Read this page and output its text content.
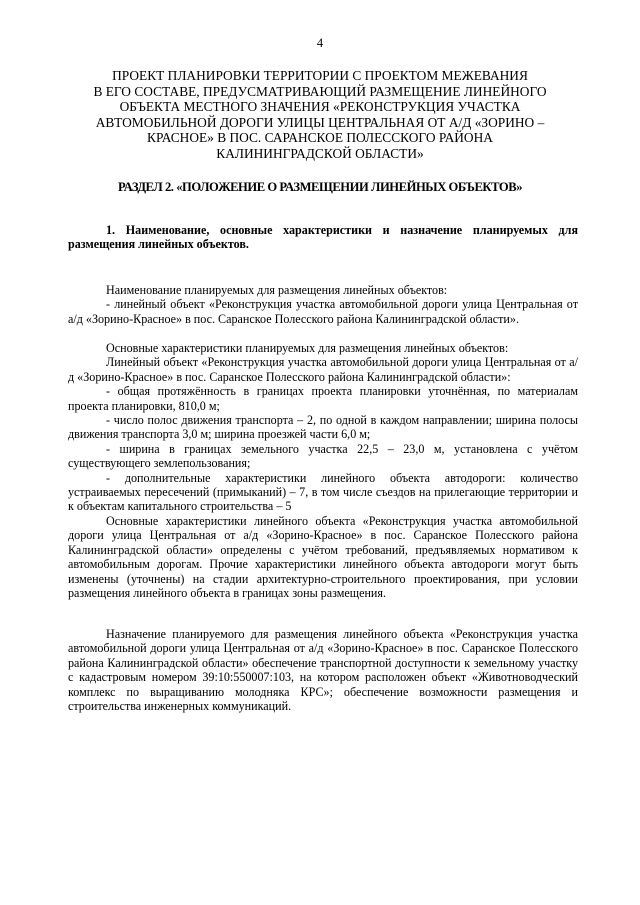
4
ПРОЕКТ ПЛАНИРОВКИ ТЕРРИТОРИИ С ПРОЕКТОМ МЕЖЕВАНИЯ
В ЕГО СОСТАВЕ, ПРЕДУСМАТРИВАЮЩИЙ РАЗМЕЩЕНИЕ ЛИНЕЙНОГО
ОБЪЕКТА МЕСТНОГО ЗНАЧЕНИЯ «РЕКОНСТРУКЦИЯ УЧАСТКА
АВТОМОБИЛЬНОЙ ДОРОГИ УЛИЦЫ ЦЕНТРАЛЬНАЯ ОТ А/Д «ЗОРИНО –
КРАСНОЕ» В ПОС. САРАНСКОЕ ПОЛЕССКОГО РАЙОНА
КАЛИНИНГРАДСКОЙ ОБЛАСТИ»
РАЗДЕЛ 2. «ПОЛОЖЕНИЕ О РАЗМЕЩЕНИИ ЛИНЕЙНЫХ ОБЪЕКТОВ»

1. Наименование, основные характеристики и назначение планируемых для размещения линейных объектов.

Наименование планируемых для размещения линейных объектов:

- линейный объект «Реконструкция участка автомобильной дороги улица Центральная от а/д «Зорино-Красное» в пос. Саранское Полесского района Калининградской области».

Основные характеристики планируемых для размещения линейных объектов:

Линейный объект «Реконструкция участка автомобильной дороги улица Центральная от а/д «Зорино-Красное» в пос. Саранское Полесского района Калининградской области»:

- общая протяжённость в границах проекта планировки уточнённая, по материалам проекта планировки, 810,0 м;

- число полос движения транспорта – 2, по одной в каждом направлении; ширина полосы движения транспорта 3,0 м; ширина проезжей части 6,0 м;

- ширина в границах земельного участка 22,5 – 23,0 м, установлена с учётом существующего землепользования;

- дополнительные характеристики линейного объекта автодороги: количество устраиваемых пересечений (примыканий) – 7, в том числе съездов на прилегающие территории и к объектам капитального строительства – 5

Основные характеристики линейного объекта «Реконструкция участка автомобильной дороги улица Центральная от а/д «Зорино-Красное» в пос. Саранское Полесского района Калининградской области» определены с учётом требований, предъявляемых нормативом к автомобильным дорогам. Прочие характеристики линейного объекта автодороги могут быть изменены (уточнены) на стадии архитектурно-строительного проектирования, при условии размещения линейного объекта в границах зоны размещения.

Назначение планируемого для размещения линейного объекта «Реконструкция участка автомобильной дороги улица Центральная от а/д «Зорино-Красное» в пос. Саранское Полесского района Калининградской области» обеспечение транспортной доступности к земельному участку с кадастровым номером 39:10:550007:103, на котором расположен объект «Животноводческий комплекс по выращиванию молодняка КРС»; обеспечение возможности размещения и строительства инженерных коммуникаций.
